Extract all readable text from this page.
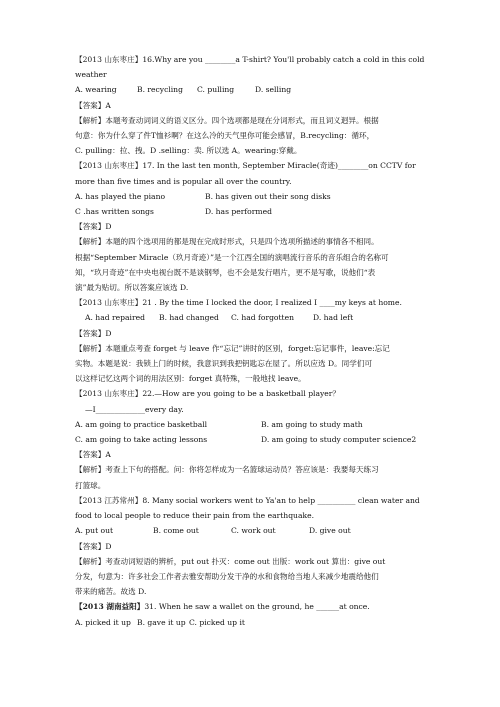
【2013 山东枣庄】16.Why are you ________a T-shirt? You'll probably catch a cold in this cold
weather
A. wearing	B. recycling	C. pulling	D. selling
【答案】A
【解析】本题考查动词词义的语义区分。四个选项都是现在分词形式，而且词义迥异。根据
句意：你为什么穿了件T恤衫啊？在这么冷的天气里你可能会感冒，B.recycling：循环，
C. pulling：拉、拽。D .selling：卖. 所以选 A。wearing:穿戴。
【2013 山东枣庄】17. In the last ten month, September Miracle(奇迹)________on CCTV for
more than five times and is popular all over the country.
A. has played the piano	B. has given out their song disks
C .has written songs	D. has performed
【答案】D
【解析】本题的四个选项用的都是现在完成时形式，只是四个选项所描述的事情各不相同。
根据“September Miracle（玖月奇迹）”是一个江西全国的演唱流行音乐的音乐组合的名称可
知，“玖月奇迹”在中央电视台既不是谈钢琴，也不会是发行唱片，更不是写歌，说他们“表
演”最为贴切。所以答案应该选 D.
【2013 山东枣庄】21 . By the time I locked the door, I realized I ____my keys at home.
A. had repaired	B. had changed	C. had forgotten	D. had left
【答案】D
【解析】本题重点考查 forget 与 leave 作“忘记”讲时的区别，forget:忘记事件，leave:忘记
实物。本题是说：我锁上门的时候，我意识到我把钥匙忘在屋了。所以应选 D。同学们可
以这样记忆这两个词的用法区别：forget 真特殊，一般地找 leave。
【2013 山东枣庄】22.—How are you going to be a basketball player？
—I_____________every day.
A. am going to practice basketball	B. am going to study math
C. am going to take acting lessons	D. am going to study computer science2
【答案】A
【解析】考查上下句的搭配。问：你将怎样成为一名篮球运动员？答应该是：我要每天练习
打篮球。
【2013 江苏常州】8. Many social workers went to Ya'an to help __________ clean water and
food to local people to reduce their pain from the earthquake.
A. put out	B. come out	C. work out	D. give out
【答案】D
【解析】考查动词短语的辨析，put out 扑灭：come out 出版：work out 算出：give out
分发，句意为：许多社会工作者去雅安帮助分发干净的水和食物给当地人来减少地震给他们
带来的痛苦。故选 D.
【2013 湖南益阳】31. When he saw a wallet on the ground, he ______at once.
A. picked it up B. gave it up C. picked up it
